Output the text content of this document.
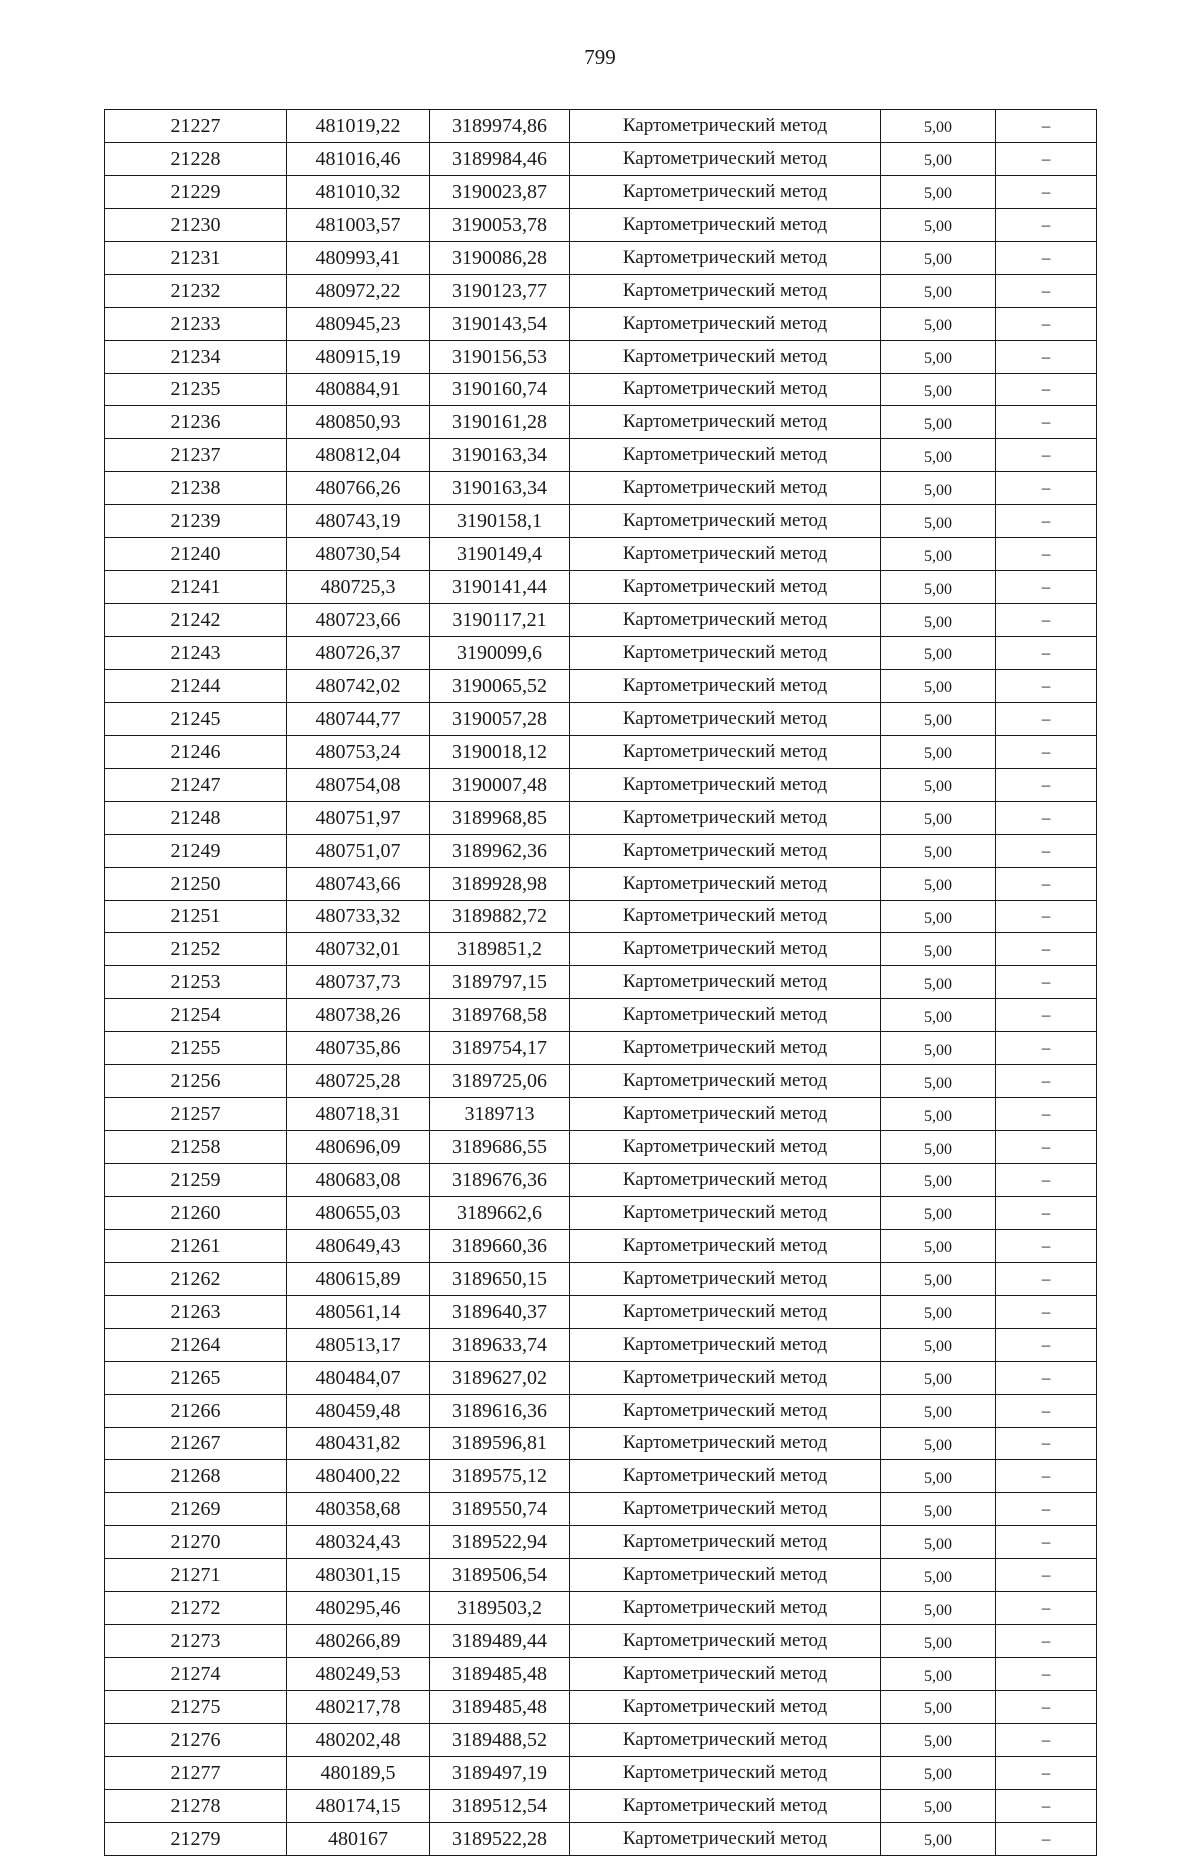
799
21227	481019,22	3189974,86	Картометрический метод	5,00	–
21228	481016,46	3189984,46	Картометрический метод	5,00	–
21229	481010,32	3190023,87	Картометрический метод	5,00	–
21230	481003,57	3190053,78	Картометрический метод	5,00	–
21231	480993,41	3190086,28	Картометрический метод	5,00	–
21232	480972,22	3190123,77	Картометрический метод	5,00	–
21233	480945,23	3190143,54	Картометрический метод	5,00	–
21234	480915,19	3190156,53	Картометрический метод	5,00	–
21235	480884,91	3190160,74	Картометрический метод	5,00	–
21236	480850,93	3190161,28	Картометрический метод	5,00	–
21237	480812,04	3190163,34	Картометрический метод	5,00	–
21238	480766,26	3190163,34	Картометрический метод	5,00	–
21239	480743,19	3190158,1	Картометрический метод	5,00	–
21240	480730,54	3190149,4	Картометрический метод	5,00	–
21241	480725,3	3190141,44	Картометрический метод	5,00	–
21242	480723,66	3190117,21	Картометрический метод	5,00	–
21243	480726,37	3190099,6	Картометрический метод	5,00	–
21244	480742,02	3190065,52	Картометрический метод	5,00	–
21245	480744,77	3190057,28	Картометрический метод	5,00	–
21246	480753,24	3190018,12	Картометрический метод	5,00	–
21247	480754,08	3190007,48	Картометрический метод	5,00	–
21248	480751,97	3189968,85	Картометрический метод	5,00	–
21249	480751,07	3189962,36	Картометрический метод	5,00	–
21250	480743,66	3189928,98	Картометрический метод	5,00	–
21251	480733,32	3189882,72	Картометрический метод	5,00	–
21252	480732,01	3189851,2	Картометрический метод	5,00	–
21253	480737,73	3189797,15	Картометрический метод	5,00	–
21254	480738,26	3189768,58	Картометрический метод	5,00	–
21255	480735,86	3189754,17	Картометрический метод	5,00	–
21256	480725,28	3189725,06	Картометрический метод	5,00	–
21257	480718,31	3189713	Картометрический метод	5,00	–
21258	480696,09	3189686,55	Картометрический метод	5,00	–
21259	480683,08	3189676,36	Картометрический метод	5,00	–
21260	480655,03	3189662,6	Картометрический метод	5,00	–
21261	480649,43	3189660,36	Картометрический метод	5,00	–
21262	480615,89	3189650,15	Картометрический метод	5,00	–
21263	480561,14	3189640,37	Картометрический метод	5,00	–
21264	480513,17	3189633,74	Картометрический метод	5,00	–
21265	480484,07	3189627,02	Картометрический метод	5,00	–
21266	480459,48	3189616,36	Картометрический метод	5,00	–
21267	480431,82	3189596,81	Картометрический метод	5,00	–
21268	480400,22	3189575,12	Картометрический метод	5,00	–
21269	480358,68	3189550,74	Картометрический метод	5,00	–
21270	480324,43	3189522,94	Картометрический метод	5,00	–
21271	480301,15	3189506,54	Картометрический метод	5,00	–
21272	480295,46	3189503,2	Картометрический метод	5,00	–
21273	480266,89	3189489,44	Картометрический метод	5,00	–
21274	480249,53	3189485,48	Картометрический метод	5,00	–
21275	480217,78	3189485,48	Картометрический метод	5,00	–
21276	480202,48	3189488,52	Картометрический метод	5,00	–
21277	480189,5	3189497,19	Картометрический метод	5,00	–
21278	480174,15	3189512,54	Картометрический метод	5,00	–
21279	480167	3189522,28	Картометрический метод	5,00	–
